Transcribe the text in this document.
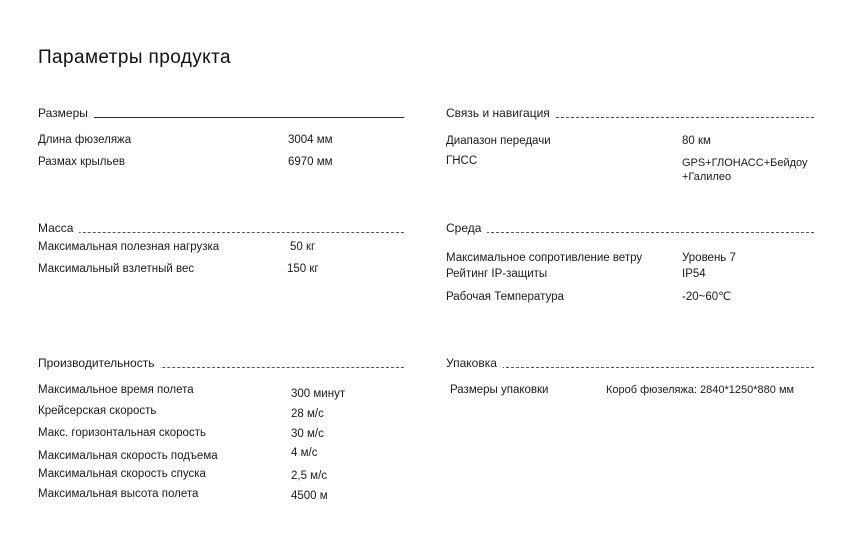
Параметры продукта
Размеры
Длина фюзеляжа	3004 мм
Размах крыльев	6970 мм
Связь и навигация
Диапазон передачи	80 км
ГНСС	GPS+ГЛОНАСС+Бейдоу +Галилео
Масса
Максимальная полезная нагрузка	50 кг
Максимальный взлетный вес	150 кг
Среда
Максимальное сопротивление ветру	Уровень 7
Рейтинг IP-защиты	IP54
Рабочая Температура	-20~60℃
Производительность
Максимальное время полета	300 минут
Крейсерская скорость	28 м/с
Макс. горизонтальная скорость	30 м/с
Максимальная скорость подъема	4 м/с
Максимальная скорость спуска	2,5 м/с
Максимальная высота полета	4500 м
Упаковка
Размеры упаковки	Короб фюзеляжа: 2840*1250*880 мм
